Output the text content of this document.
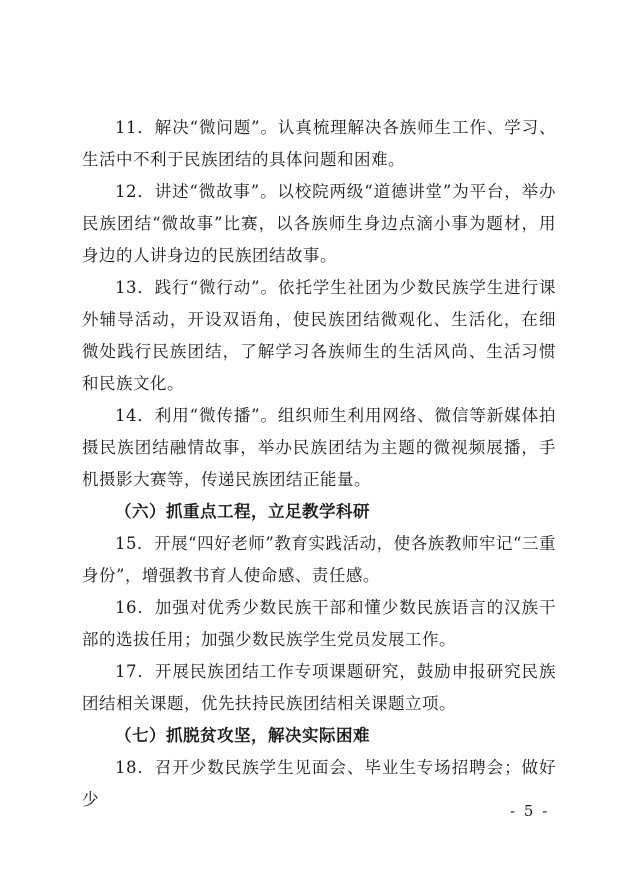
11．解决“微问题”。认真梳理解决各族师生工作、学习、生活中不利于民族团结的具体问题和困难。

12．讲述“微故事”。以校院两级“道德讲堂”为平台，举办民族团结“微故事”比赛，以各族师生身边点滴小事为题材，用身边的人讲身边的民族团结故事。

13．践行“微行动”。依托学生社团为少数民族学生进行课外辅导活动，开设双语角，使民族团结微观化、生活化，在细微处践行民族团结，了解学习各族师生的生活风尚、生活习惯和民族文化。

14．利用“微传播”。组织师生利用网络、微信等新媒体拍摄民族团结融情故事，举办民族团结为主题的微视频展播，手机摄影大赛等，传递民族团结正能量。

（六）抓重点工程，立足教学科研

15．开展“四好老师”教育实践活动，使各族教师牢记“三重身份”，增强教书育人使命感、责任感。

16．加强对优秀少数民族干部和懂少数民族语言的汉族干部的选拔任用；加强少数民族学生党员发展工作。

17．开展民族团结工作专项课题研究，鼓励申报研究民族团结相关课题，优先扶持民族团结相关课题立项。

（七）抓脱贫攻坚，解决实际困难

18．召开少数民族学生见面会、毕业生专场招聘会；做好少

- 5 -
